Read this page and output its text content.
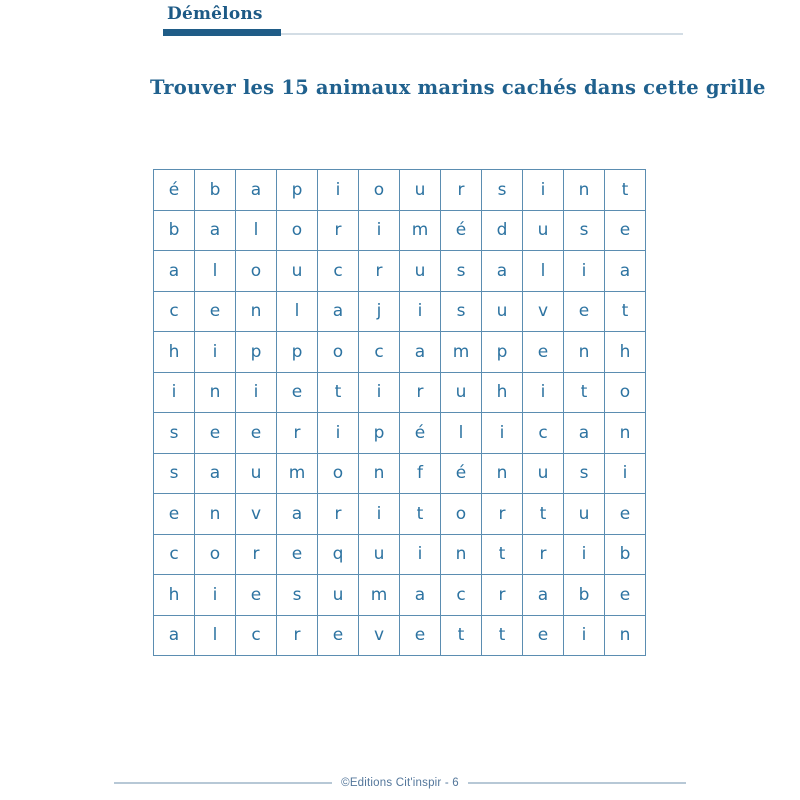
Démêlons
Trouver les 15 animaux marins cachés dans cette grille
é	b	a	p	i	o	u	r	s	i	n	t
b	a	l	o	r	i	m	é	d	u	s	e
a	l	o	u	c	r	u	s	a	l	i	a
c	e	n	l	a	j	i	s	u	v	e	t
h	i	p	p	o	c	a	m	p	e	n	h
i	n	i	e	t	i	r	u	h	i	t	o
s	e	e	r	i	p	é	l	i	c	a	n
s	a	u	m	o	n	f	é	n	u	s	i
e	n	v	a	r	i	t	o	r	t	u	e
c	o	r	e	q	u	i	n	t	r	i	b
h	i	e	s	u	m	a	c	r	a	b	e
a	l	c	r	e	v	e	t	t	e	i	n
©Editions Cit'inspir - 6
